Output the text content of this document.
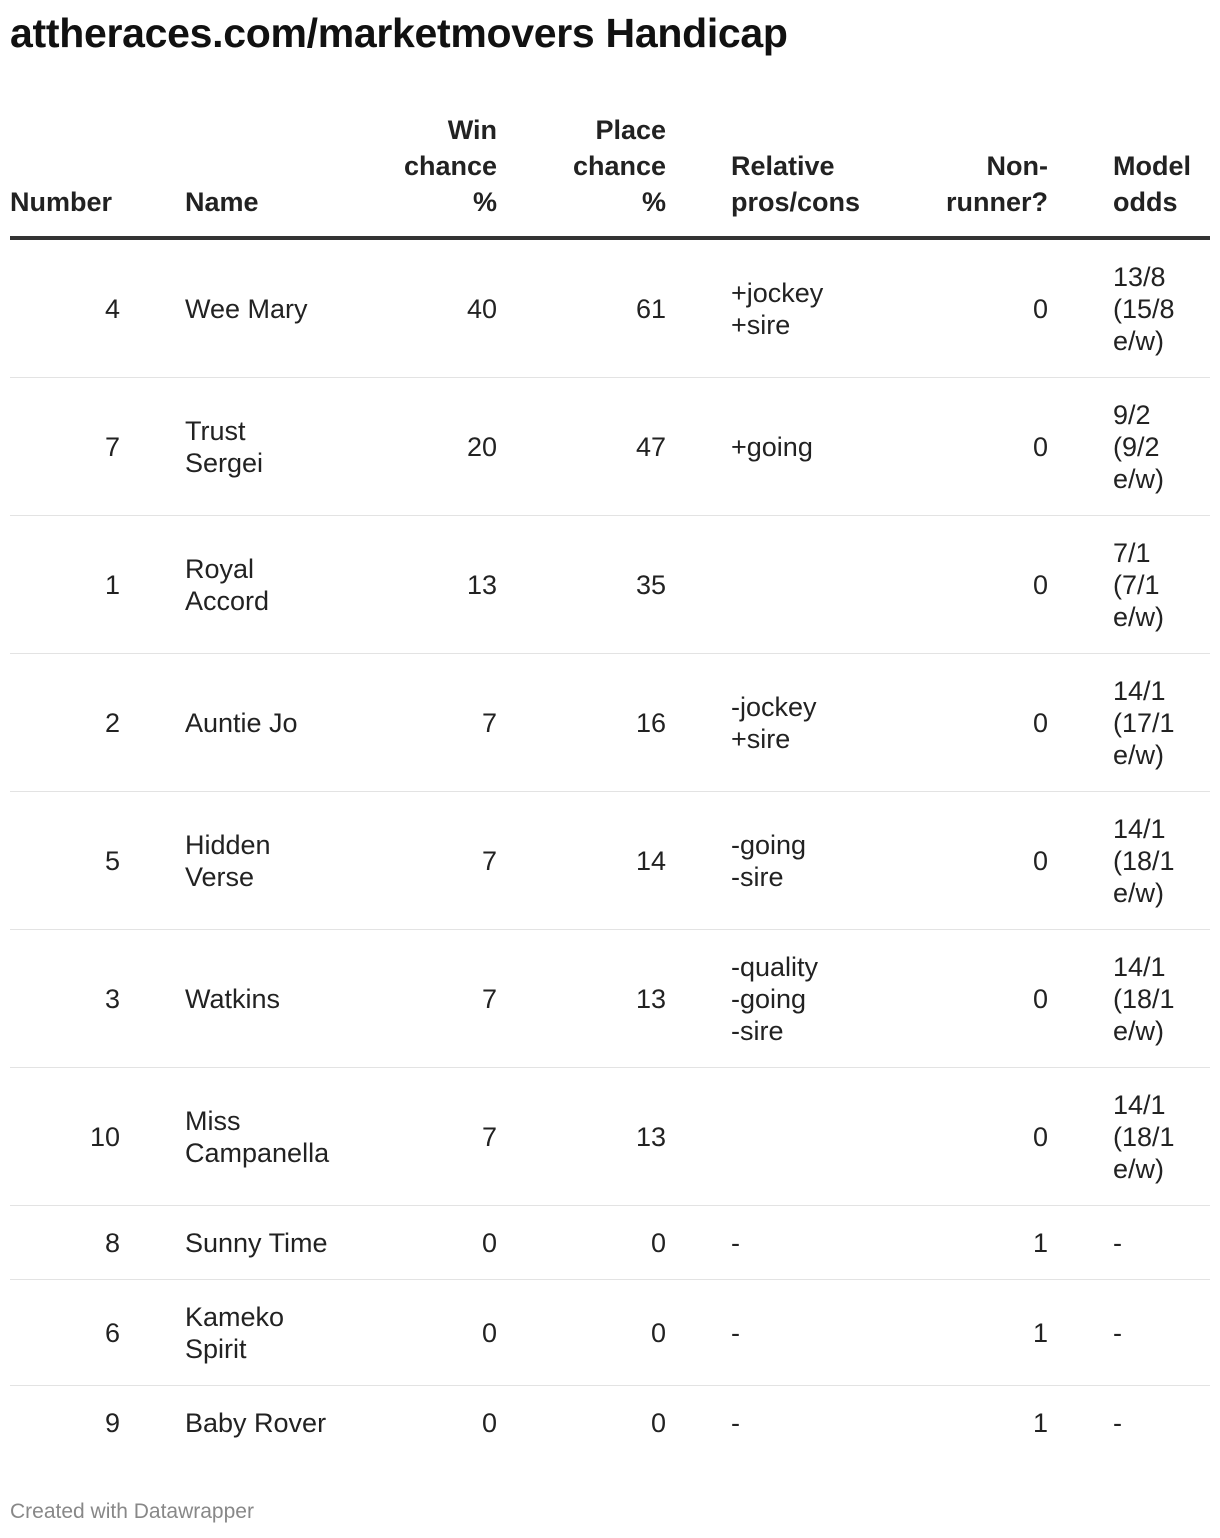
attheraces.com/marketmovers Handicap
Number	Name	Win
chance
%	Place
chance
%	Relative
pros/cons	Non-
runner?	Model
odds
4	Wee Mary	40	61	+jockey
+sire	0	13/8
(15/8
e/w)
7	Trust
Sergei	20	47	+going	0	9/2
(9/2
e/w)
1	Royal
Accord	13	35		0	7/1
(7/1
e/w)
2	Auntie Jo	7	16	-jockey
+sire	0	14/1
(17/1
e/w)
5	Hidden
Verse	7	14	-going
-sire	0	14/1
(18/1
e/w)
3	Watkins	7	13	-quality
-going
-sire	0	14/1
(18/1
e/w)
10	Miss
Campanella	7	13		0	14/1
(18/1
e/w)
8	Sunny Time	0	0	-	1	-
6	Kameko
Spirit	0	0	-	1	-
9	Baby Rover	0	0	-	1	-
Created with Datawrapper
